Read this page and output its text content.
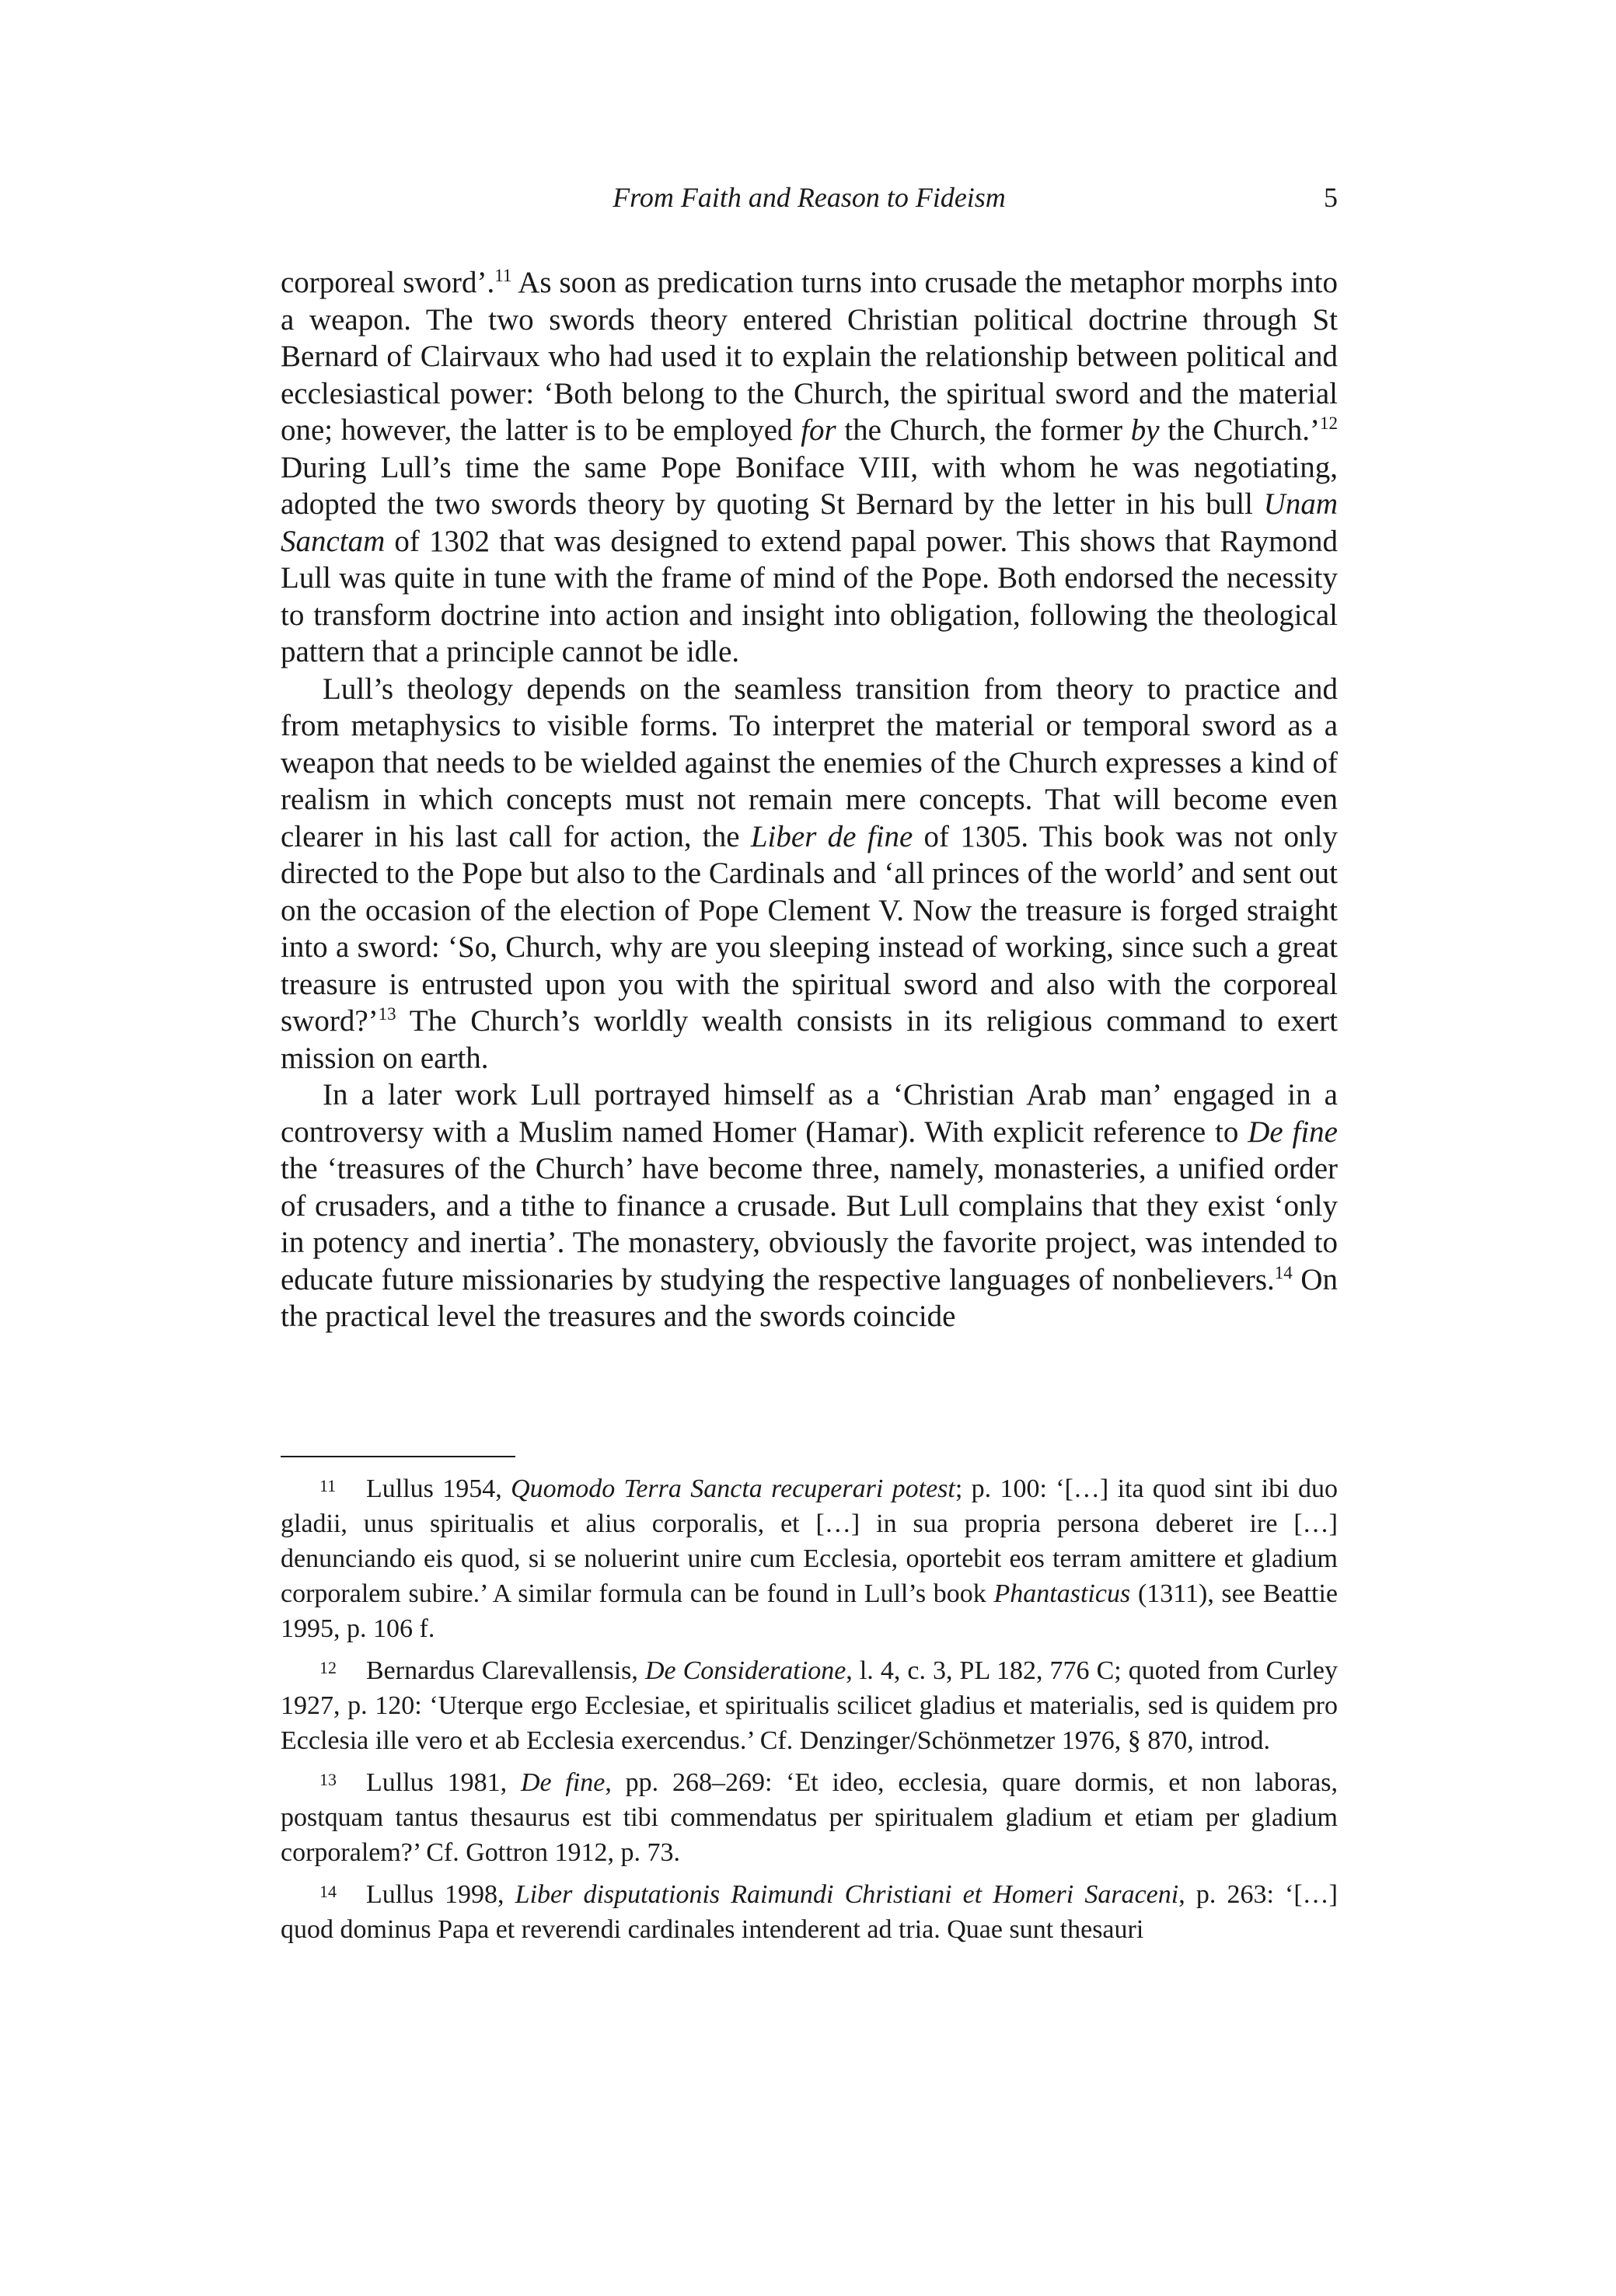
From Faith and Reason to Fideism	5

corporeal sword’.$^{11}$ As soon as predication turns into crusade the metaphor morphs into a weapon. The two swords theory entered Christian political doctrine through St Bernard of Clairvaux who had used it to explain the relationship between political and ecclesiastical power: ‘Both belong to the Church, the spiritual sword and the material one; however, the latter is to be employed for the Church, the former by the Church.’$^{12}$ During Lull’s time the same Pope Boniface VIII, with whom he was negotiating, adopted the two swords theory by quoting St Bernard by the letter in his bull Unam Sanctam of 1302 that was designed to extend papal power. This shows that Raymond Lull was quite in tune with the frame of mind of the Pope. Both endorsed the necessity to transform doctrine into action and insight into obligation, following the theological pattern that a principle cannot be idle.

Lull’s theology depends on the seamless transition from theory to practice and from metaphysics to visible forms. To interpret the material or temporal sword as a weapon that needs to be wielded against the enemies of the Church expresses a kind of realism in which concepts must not remain mere concepts. That will become even clearer in his last call for action, the Liber de fine of 1305. This book was not only directed to the Pope but also to the Cardinals and ‘all princes of the world’ and sent out on the occasion of the election of Pope Clement V. Now the treasure is forged straight into a sword: ‘So, Church, why are you sleeping instead of working, since such a great treasure is entrusted upon you with the spiritual sword and also with the corporeal sword?’$^{13}$ The Church’s worldly wealth consists in its religious command to exert mission on earth.

In a later work Lull portrayed himself as a ‘Christian Arab man’ engaged in a controversy with a Muslim named Homer (Hamar). With explicit reference to De fine the ‘treasures of the Church’ have become three, namely, monasteries, a unified order of crusaders, and a tithe to finance a crusade. But Lull complains that they exist ‘only in potency and inertia’. The monastery, obviously the favorite project, was intended to educate future missionaries by studying the respective languages of nonbelievers.$^{14}$ On the practical level the treasures and the swords coincide

11 Lullus 1954, Quomodo Terra Sancta recuperari potest; p. 100: ‘[…] ita quod sint ibi duo gladii, unus spiritualis et alius corporalis, et […] in sua propria persona deberet ire […] denunciando eis quod, si se noluerint unire cum Ecclesia, oportebit eos terram amittere et gladium corporalem subire.’ A similar formula can be found in Lull’s book Phantasticus (1311), see Beattie 1995, p. 106 f.

12 Bernardus Clarevallensis, De Consideratione, l. 4, c. 3, PL 182, 776 C; quoted from Curley 1927, p. 120: ‘Uterque ergo Ecclesiae, et spiritualis scilicet gladius et materialis, sed is quidem pro Ecclesia ille vero et ab Ecclesia exercendus.’ Cf. Denzinger/Schönmetzer 1976, § 870, introd.

13 Lullus 1981, De fine, pp. 268–269: ‘Et ideo, ecclesia, quare dormis, et non laboras, postquam tantus thesaurus est tibi commendatus per spiritualem gladium et etiam per gladium corporalem?’ Cf. Gottron 1912, p. 73.

14 Lullus 1998, Liber disputationis Raimundi Christiani et Homeri Saraceni, p. 263: ‘[…] quod dominus Papa et reverendi cardinales intenderent ad tria. Quae sunt thesauri
